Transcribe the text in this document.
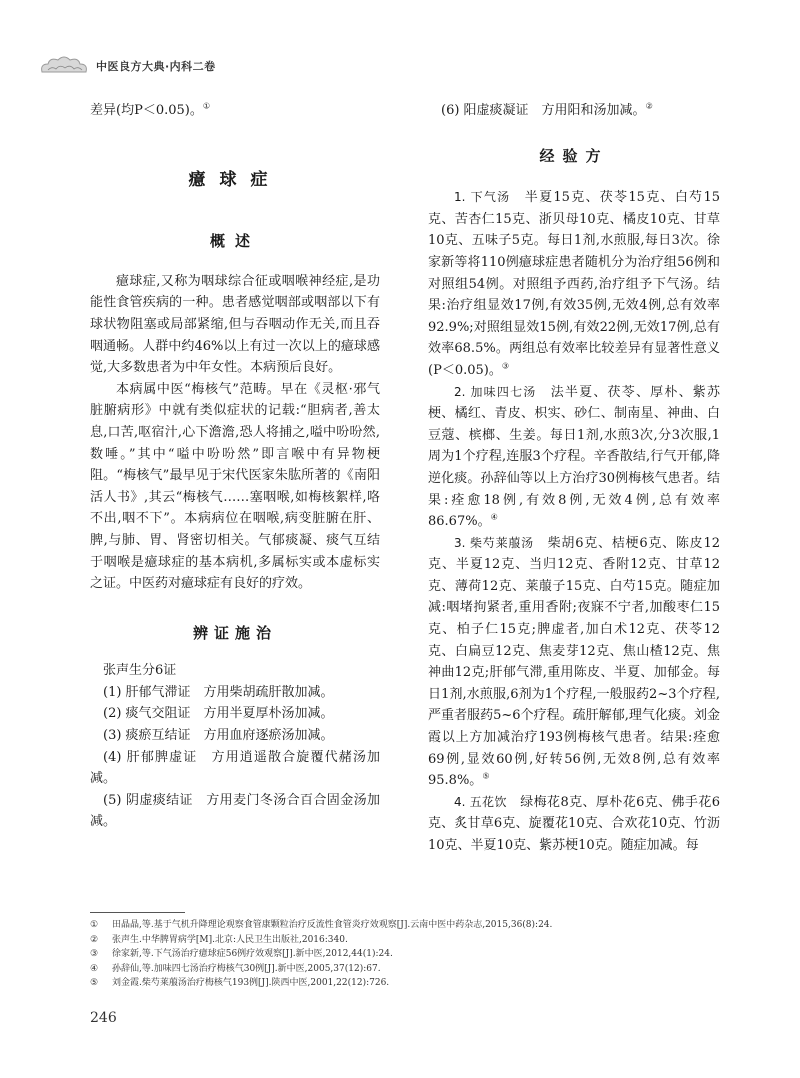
中医良方大典·内科二卷

差异(均P＜0.05)。①

癔球症
概述

癔球症,又称为咽球综合征或咽喉神经症,是功能性食管疾病的一种。患者感觉咽部或咽部以下有球状物阻塞或局部紧缩,但与吞咽动作无关,而且吞咽通畅。人群中约46%以上有过一次以上的癔球感觉,大多数患者为中年女性。本病预后良好。

本病属中医“梅核气”范畴。早在《灵枢·邪气脏腑病形》中就有类似症状的记载:“胆病者,善太息,口苦,呕宿汁,心下澹澹,恐人将捕之,嗌中吩吩然,数唾。”其中“嗌中吩吩然”即言喉中有异物梗阻。“梅核气”最早见于宋代医家朱肱所著的《南阳活人书》,其云“梅核气……塞咽喉,如梅核絮样,咯不出,咽不下”。本病病位在咽喉,病变脏腑在肝、脾,与肺、胃、肾密切相关。气郁痰凝、痰气互结于咽喉是癔球症的基本病机,多属标实或本虚标实之证。中医药对癔球症有良好的疗效。

辨证施治

张声生分6证

(1) 肝郁气滞证　方用柴胡疏肝散加减。

(2) 痰气交阻证　方用半夏厚朴汤加减。

(3) 痰瘀互结证　方用血府逐瘀汤加减。

(4) 肝郁脾虚证　方用逍遥散合旋覆代赭汤加减。

(5) 阴虚痰结证　方用麦门冬汤合百合固金汤加减。

(6) 阳虚痰凝证　方用阳和汤加减。②

经验方

1. 下气汤　半夏15克、茯苓15克、白芍15克、苦杏仁15克、浙贝母10克、橘皮10克、甘草10克、五味子5克。每日1剂,水煎服,每日3次。徐家新等将110例癔球症患者随机分为治疗组56例和对照组54例。对照组予西药,治疗组予下气汤。结果:治疗组显效17例,有效35例,无效4例,总有效率92.9%;对照组显效15例,有效22例,无效17例,总有效率68.5%。两组总有效率比较差异有显著性意义(P＜0.05)。③

2. 加味四七汤　法半夏、茯苓、厚朴、紫苏梗、橘红、青皮、枳实、砂仁、制南星、神曲、白豆蔻、槟榔、生姜。每日1剂,水煎3次,分3次服,1周为1个疗程,连服3个疗程。辛香散结,行气开郁,降逆化痰。孙辞仙等以上方治疗30例梅核气患者。结果:痊愈18例,有效8例,无效4例,总有效率86.67%。④

3. 柴芍莱菔汤　柴胡6克、桔梗6克、陈皮12克、半夏12克、当归12克、香附12克、甘草12克、薄荷12克、莱菔子15克、白芍15克。随症加减:咽堵拘紧者,重用香附;夜寐不宁者,加酸枣仁15克、柏子仁15克;脾虚者,加白术12克、茯苓12克、白扁豆12克、焦麦芽12克、焦山楂12克、焦神曲12克;肝郁气滞,重用陈皮、半夏、加郁金。每日1剂,水煎服,6剂为1个疗程,一般服药2~3个疗程,严重者服药5~6个疗程。疏肝解郁,理气化痰。刘金霞以上方加减治疗193例梅核气患者。结果:痊愈69例,显效60例,好转56例,无效8例,总有效率95.8%。⑤

4. 五花饮　绿梅花8克、厚朴花6克、佛手花6克、炙甘草6克、旋覆花10克、合欢花10克、竹沥10克、半夏10克、紫苏梗10克。随症加减。每

① 田晶晶,等.基于气机升降理论观察食管康颗粒治疗反流性食管炎疗效观察[J].云南中医中药杂志,2015,36(8):24.
② 张声生.中华脾胃病学[M].北京:人民卫生出版社,2016:340.
③ 徐家新,等.下气汤治疗癔球症56例疗效观察[J].新中医,2012,44(1):24.
④ 孙辞仙,等.加味四七汤治疗梅核气30例[J].新中医,2005,37(12):67.
⑤ 刘金霞.柴芍莱菔汤治疗梅核气193例[J].陕西中医,2001,22(12):726.
246
